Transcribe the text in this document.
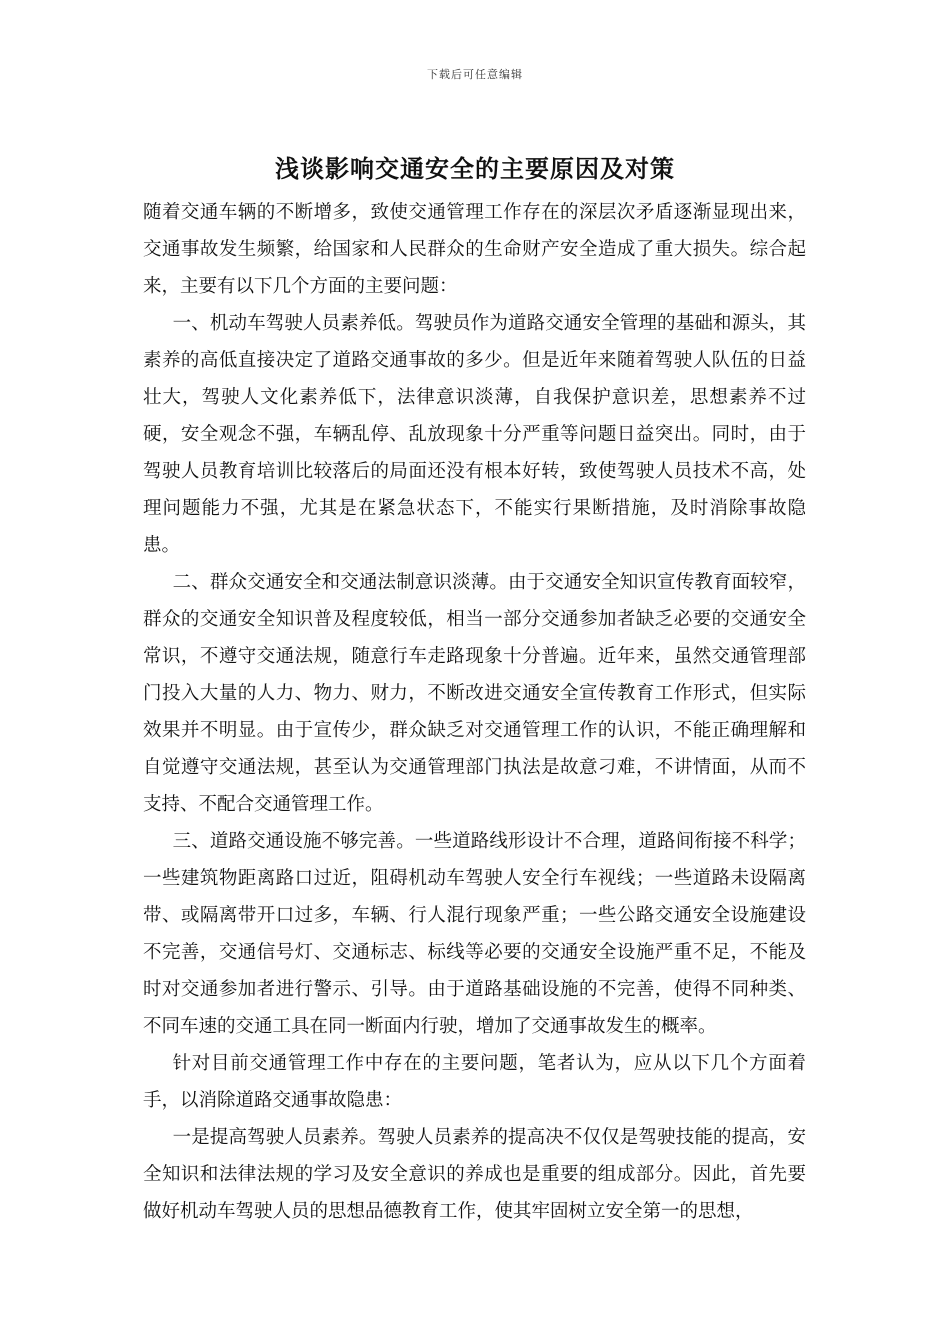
下载后可任意编辑
浅谈影响交通安全的主要原因及对策

随着交通车辆的不断增多，致使交通管理工作存在的深层次矛盾逐渐显现出来，交通事故发生频繁，给国家和人民群众的生命财产安全造成了重大损失。综合起来，主要有以下几个方面的主要问题：

一、机动车驾驶人员素养低。驾驶员作为道路交通安全管理的基础和源头，其素养的高低直接决定了道路交通事故的多少。但是近年来随着驾驶人队伍的日益壮大，驾驶人文化素养低下，法律意识淡薄，自我保护意识差，思想素养不过硬，安全观念不强，车辆乱停、乱放现象十分严重等问题日益突出。同时，由于驾驶人员教育培训比较落后的局面还没有根本好转，致使驾驶人员技术不高，处理问题能力不强，尤其是在紧急状态下，不能实行果断措施，及时消除事故隐患。

二、群众交通安全和交通法制意识淡薄。由于交通安全知识宣传教育面较窄，群众的交通安全知识普及程度较低，相当一部分交通参加者缺乏必要的交通安全常识，不遵守交通法规，随意行车走路现象十分普遍。近年来，虽然交通管理部门投入大量的人力、物力、财力，不断改进交通安全宣传教育工作形式，但实际效果并不明显。由于宣传少，群众缺乏对交通管理工作的认识，不能正确理解和自觉遵守交通法规，甚至认为交通管理部门执法是故意刁难，不讲情面，从而不支持、不配合交通管理工作。

三、道路交通设施不够完善。一些道路线形设计不合理，道路间衔接不科学；一些建筑物距离路口过近，阻碍机动车驾驶人安全行车视线；一些道路未设隔离带、或隔离带开口过多，车辆、行人混行现象严重；一些公路交通安全设施建设不完善，交通信号灯、交通标志、标线等必要的交通安全设施严重不足，不能及时对交通参加者进行警示、引导。由于道路基础设施的不完善，使得不同种类、不同车速的交通工具在同一断面内行驶，增加了交通事故发生的概率。

针对目前交通管理工作中存在的主要问题，笔者认为，应从以下几个方面着手，以消除道路交通事故隐患：

一是提高驾驶人员素养。驾驶人员素养的提高决不仅仅是驾驶技能的提高，安全知识和法律法规的学习及安全意识的养成也是重要的组成部分。因此，首先要做好机动车驾驶人员的思想品德教育工作，使其牢固树立安全第一的思想，
